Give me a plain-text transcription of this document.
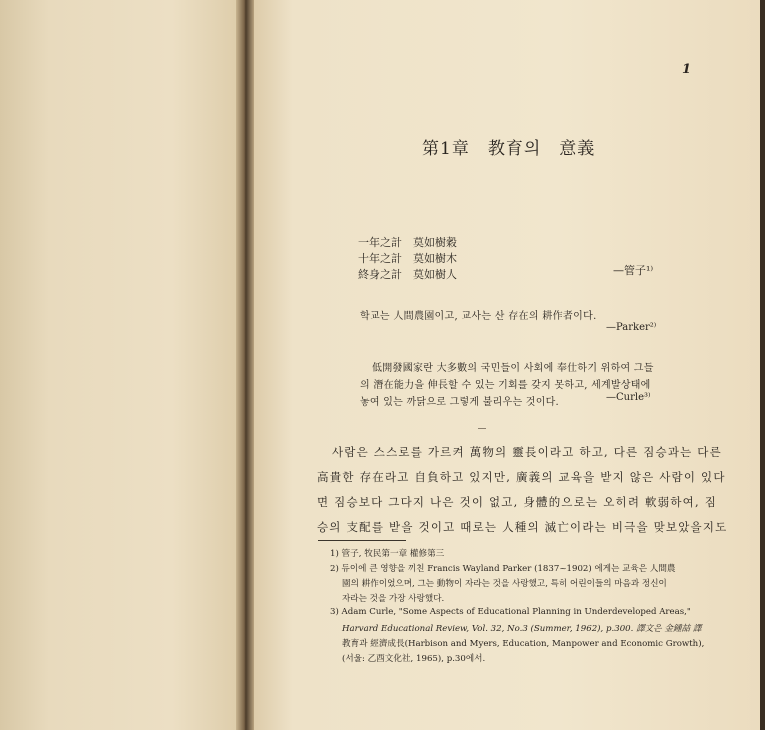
1
第1章　教育의　意義
一年之計　莫如樹穀
十年之計　莫如樹木
終身之計　莫如樹人	—管子¹⁾
학교는 人間農園이고, 교사는 산 存在의 耕作者이다.
—Parker²⁾
低開發國家란 大多數의 국민들이 사회에 奉仕하기 위하여 그들
의 潛在能力을 伸長할 수 있는 기회를 갖지 못하고, 세계발상태에
놓여 있는 까닭으로 그렇게 불리우는 것이다.	—Curle³⁾
사람은 스스로를 가르켜 萬物의 靈長이라고 하고, 다른 짐승과는 다른
高貴한 存在라고 自負하고 있지만, 廣義의 교육을 받지 않은 사람이 있다
면 짐승보다 그다지 나은 것이 없고, 身體的으로는 오히려 軟弱하여, 짐
승의 支配를 받을 것이고 때로는 人種의 滅亡이라는 비극을 맞보았을지도
1) 管子, 牧民第一章 權修第三
2) 듀이에 큰 영향을 끼친 Francis Wayland Parker (1837~1902) 에게는 교육은 人間農
園의 耕作이었으며, 그는 動物이 자라는 것을 사랑했고, 특히 어린이들의 마음과 정신이
자라는 것을 가장 사랑했다.
3) Adam Curle, "Some Aspects of Educational Planning in Underdeveloped Areas,"
Harvard Educational Review, Vol. 32, No.3 (Summer, 1962), p.300. 譯文은 金鍾喆 譯
教育과 經濟成長(Harbison and Myers, Education, Manpower and Economic Growth),
(서울: 乙酉文化社, 1965), p.30에서.
